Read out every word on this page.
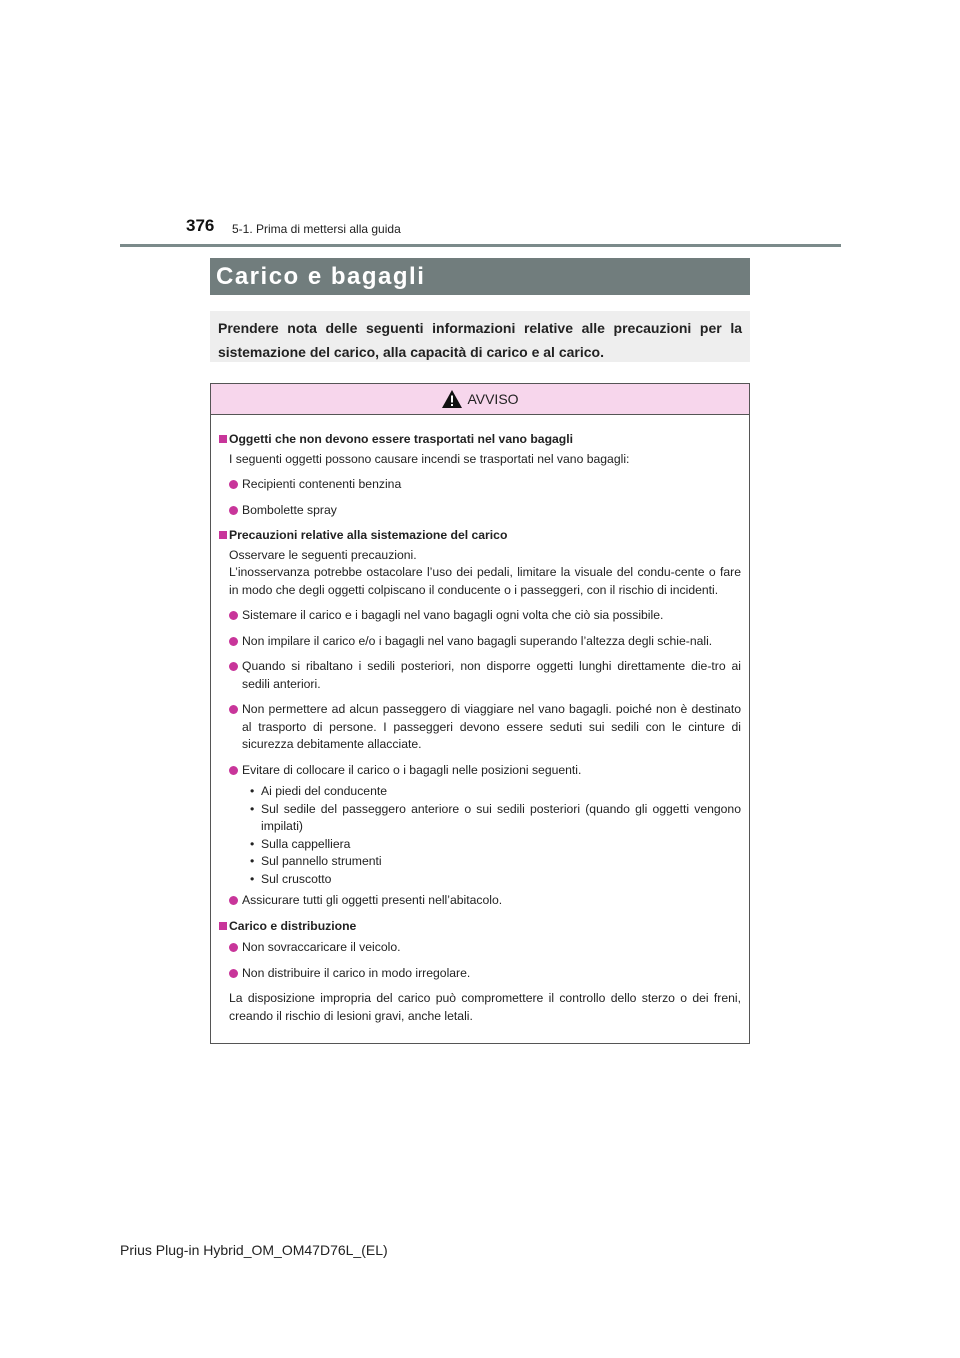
376 5-1. Prima di mettersi alla guida
Carico e bagagli
Prendere nota delle seguenti informazioni relative alle precauzioni per la sistemazione del carico, alla capacità di carico e al carico.
AVVISO
Oggetti che non devono essere trasportati nel vano bagagli
I seguenti oggetti possono causare incendi se trasportati nel vano bagagli:
Recipienti contenenti benzina
Bombolette spray
Precauzioni relative alla sistemazione del carico
Osservare le seguenti precauzioni.
L’inosservanza potrebbe ostacolare l’uso dei pedali, limitare la visuale del condu-cente o fare in modo che degli oggetti colpiscano il conducente o i passeggeri, con il rischio di incidenti.
Sistemare il carico e i bagagli nel vano bagagli ogni volta che ciò sia possibile.
Non impilare il carico e/o i bagagli nel vano bagagli superando l’altezza degli schie-nali.
Quando si ribaltano i sedili posteriori, non disporre oggetti lunghi direttamente die-tro ai sedili anteriori.
Non permettere ad alcun passeggero di viaggiare nel vano bagagli. poiché non è destinato al trasporto di persone. I passeggeri devono essere seduti sui sedili con le cinture di sicurezza debitamente allacciate.
Evitare di collocare il carico o i bagagli nelle posizioni seguenti.
• Ai piedi del conducente
• Sul sedile del passeggero anteriore o sui sedili posteriori (quando gli oggetti vengono impilati)
• Sulla cappelliera
• Sul pannello strumenti
• Sul cruscotto
Assicurare tutti gli oggetti presenti nell’abitacolo.
Carico e distribuzione
Non sovraccaricare il veicolo.
Non distribuire il carico in modo irregolare.
La disposizione impropria del carico può compromettere il controllo dello sterzo o dei freni, creando il rischio di lesioni gravi, anche letali.
Prius Plug-in Hybrid_OM_OM47D76L_(EL)
